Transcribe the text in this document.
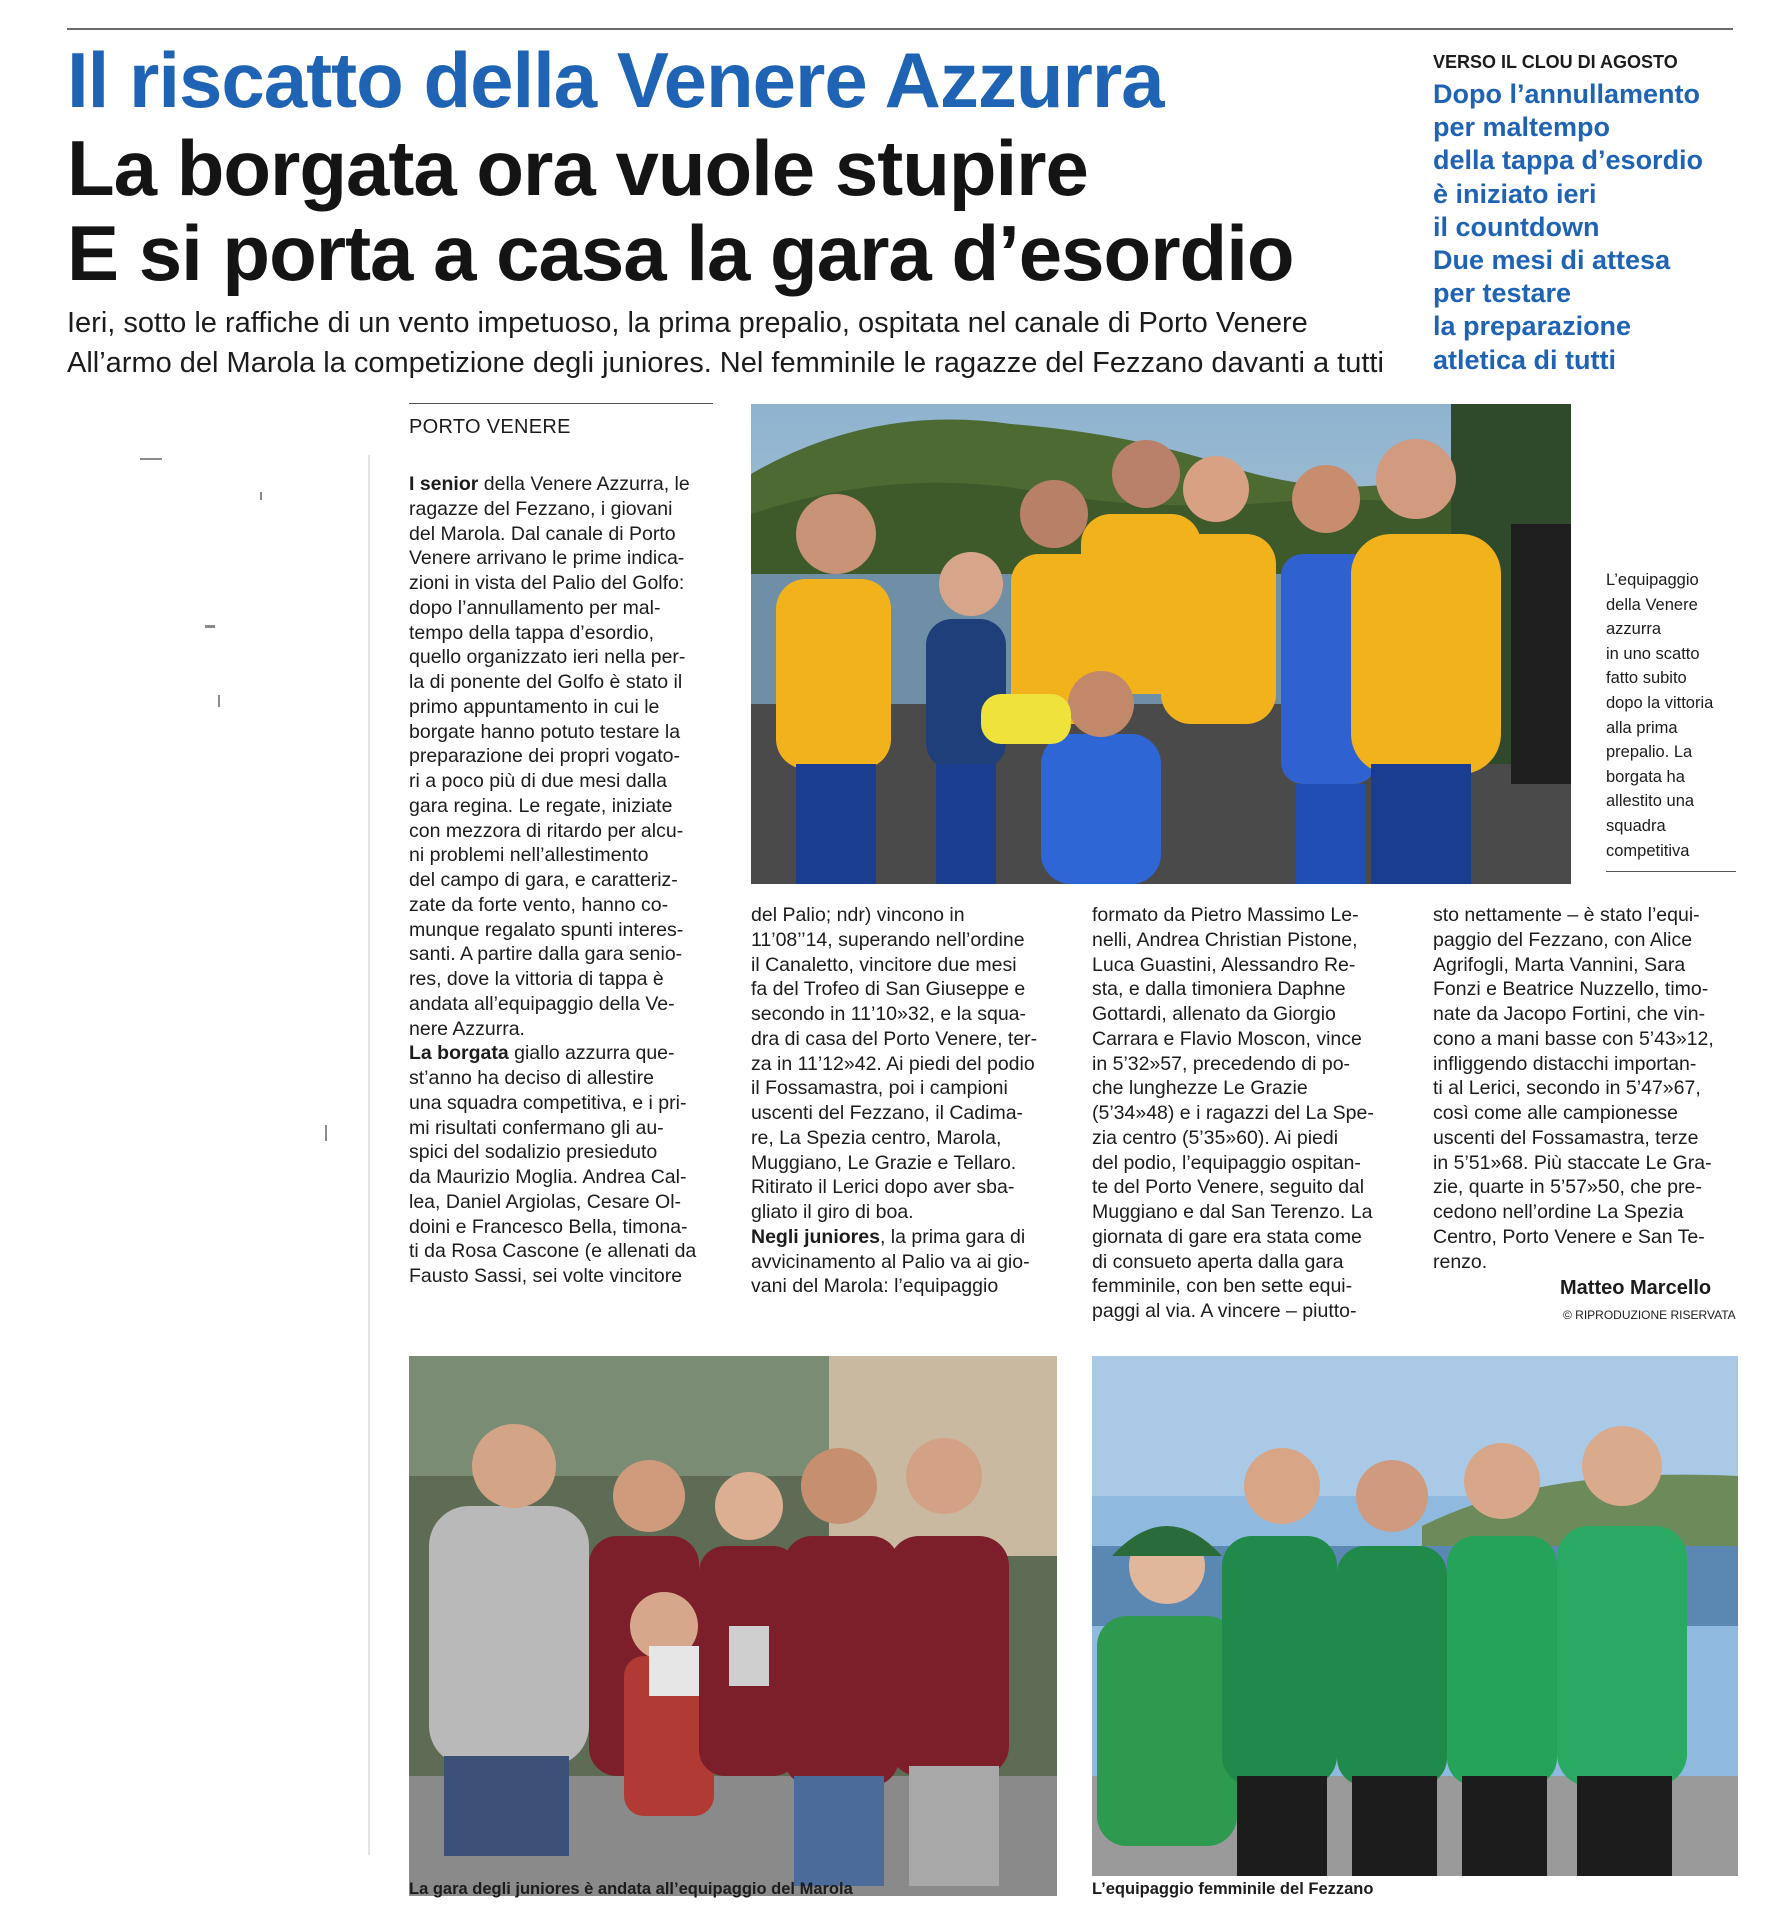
Il riscatto della Venere Azzurra
La borgata ora vuole stupire
E si porta a casa la gara d’esordio
Ieri, sotto le raffiche di un vento impetuoso, la prima prepalio, ospitata nel canale di Porto Venere
All’armo del Marola la competizione degli juniores. Nel femminile le ragazze del Fezzano davanti a tutti
VERSO IL CLOU DI AGOSTO
Dopo l’annullamento
per maltempo
della tappa d’esordio
è iniziato ieri
il countdown
Due mesi di attesa
per testare
la preparazione
atletica di tutti
PORTO VENERE
I senior della Venere Azzurra, le
ragazze del Fezzano, i giovani
del Marola. Dal canale di Porto
Venere arrivano le prime indica-
zioni in vista del Palio del Golfo:
dopo l’annullamento per mal-
tempo della tappa d’esordio,
quello organizzato ieri nella per-
la di ponente del Golfo è stato il
primo appuntamento in cui le
borgate hanno potuto testare la
preparazione dei propri vogato-
ri a poco più di due mesi dalla
gara regina. Le regate, iniziate
con mezzora di ritardo per alcu-
ni problemi nell’allestimento
del campo di gara, e caratteriz-
zate da forte vento, hanno co-
munque regalato spunti interes-
santi. A partire dalla gara senio-
res, dove la vittoria di tappa è
andata all’equipaggio della Ve-
nere Azzurra.
La borgata giallo azzurra que-
st’anno ha deciso di allestire
una squadra competitiva, e i pri-
mi risultati confermano gli au-
spici del sodalizio presieduto
da Maurizio Moglia. Andrea Cal-
lea, Daniel Argiolas, Cesare Ol-
doini e Francesco Bella, timona-
ti da Rosa Cascone (e allenati da
Fausto Sassi, sei volte vincitore
del Palio; ndr) vincono in
11’08’’14, superando nell’ordine
il Canaletto, vincitore due mesi
fa del Trofeo di San Giuseppe e
secondo in 11’10»32, e la squa-
dra di casa del Porto Venere, ter-
za in 11’12»42. Ai piedi del podio
il Fossamastra, poi i campioni
uscenti del Fezzano, il Cadima-
re, La Spezia centro, Marola,
Muggiano, Le Grazie e Tellaro.
Ritirato il Lerici dopo aver sba-
gliato il giro di boa.
Negli juniores, la prima gara di
avvicinamento al Palio va ai gio-
vani del Marola: l’equipaggio
formato da Pietro Massimo Le-
nelli, Andrea Christian Pistone,
Luca Guastini, Alessandro Re-
sta, e dalla timoniera Daphne
Gottardi, allenato da Giorgio
Carrara e Flavio Moscon, vince
in 5’32»57, precedendo di po-
che lunghezze Le Grazie
(5’34»48) e i ragazzi del La Spe-
zia centro (5’35»60). Ai piedi
del podio, l’equipaggio ospitan-
te del Porto Venere, seguito dal
Muggiano e dal San Terenzo. La
giornata di gare era stata come
di consueto aperta dalla gara
femminile, con ben sette equi-
paggi al via. A vincere – piutto-
sto nettamente – è stato l’equi-
paggio del Fezzano, con Alice
Agrifogli, Marta Vannini, Sara
Fonzi e Beatrice Nuzzello, timo-
nate da Jacopo Fortini, che vin-
cono a mani basse con 5’43»12,
infliggendo distacchi importan-
ti al Lerici, secondo in 5’47»67,
così come alle campionesse
uscenti del Fossamastra, terze
in 5’51»68. Più staccate Le Gra-
zie, quarte in 5’57»50, che pre-
cedono nell’ordine La Spezia
Centro, Porto Venere e San Te-
renzo.
Matteo Marcello
© RIPRODUZIONE RISERVATA
L’equipaggio
della Venere
azzurra
in uno scatto
fatto subito
dopo la vittoria
alla prima
prepalio. La
borgata ha
allestito una
squadra
competitiva
La gara degli juniores è andata all’equipaggio del Marola	L’equipaggio femminile del Fezzano
